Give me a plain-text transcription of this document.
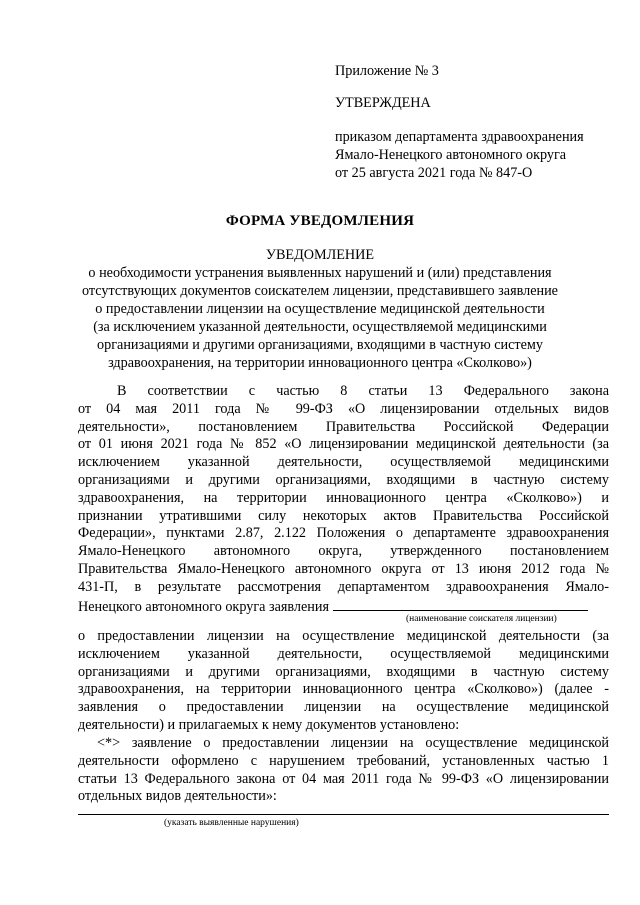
Приложение № 3
УТВЕРЖДЕНА
приказом департамента здравоохранения
Ямало-Ненецкого автономного округа
от 25 августа 2021 года № 847-О
ФОРМА УВЕДОМЛЕНИЯ
УВЕДОМЛЕНИЕ
о необходимости устранения выявленных нарушений и (или) представления
отсутствующих документов соискателем лицензии, представившего заявление
о предоставлении лицензии на осуществление медицинской деятельности
(за исключением указанной деятельности, осуществляемой медицинскими
организациями и другими организациями, входящими в частную систему
здравоохранения, на территории инновационного центра «Сколково»)
В соответствии с частью 8 статьи 13 Федерального закона
от 04 мая 2011 года № 99-ФЗ «О лицензировании отдельных видов
деятельности», постановлением Правительства Российской Федерации
от 01 июня 2021 года № 852 «О лицензировании медицинской деятельности (за
исключением указанной деятельности, осуществляемой медицинскими
организациями и другими организациями, входящими в частную систему
здравоохранения, на территории инновационного центра «Сколково») и
признании утратившими силу некоторых актов Правительства Российской
Федерации», пунктами 2.87, 2.122 Положения о департаменте здравоохранения
Ямало-Ненецкого автономного округа, утвержденного постановлением
Правительства Ямало-Ненецкого автономного округа от 13 июня 2012 года №
431-П, в результате рассмотрения департаментом здравоохранения Ямало-
Ненецкого автономного округа заявления
(наименование соискателя лицензии)
о предоставлении лицензии на осуществление медицинской деятельности (за
исключением указанной деятельности, осуществляемой медицинскими
организациями и другими организациями, входящими в частную систему
здравоохранения, на территории инновационного центра «Сколково») (далее -
заявления о предоставлении лицензии на осуществление медицинской
деятельности) и прилагаемых к нему документов установлено:
<*> заявление о предоставлении лицензии на осуществление медицинской
деятельности оформлено с нарушением требований, установленных частью 1
статьи 13 Федерального закона от 04 мая 2011 года № 99-ФЗ «О лицензировании
отдельных видов деятельности»:
(указать выявленные нарушения)
